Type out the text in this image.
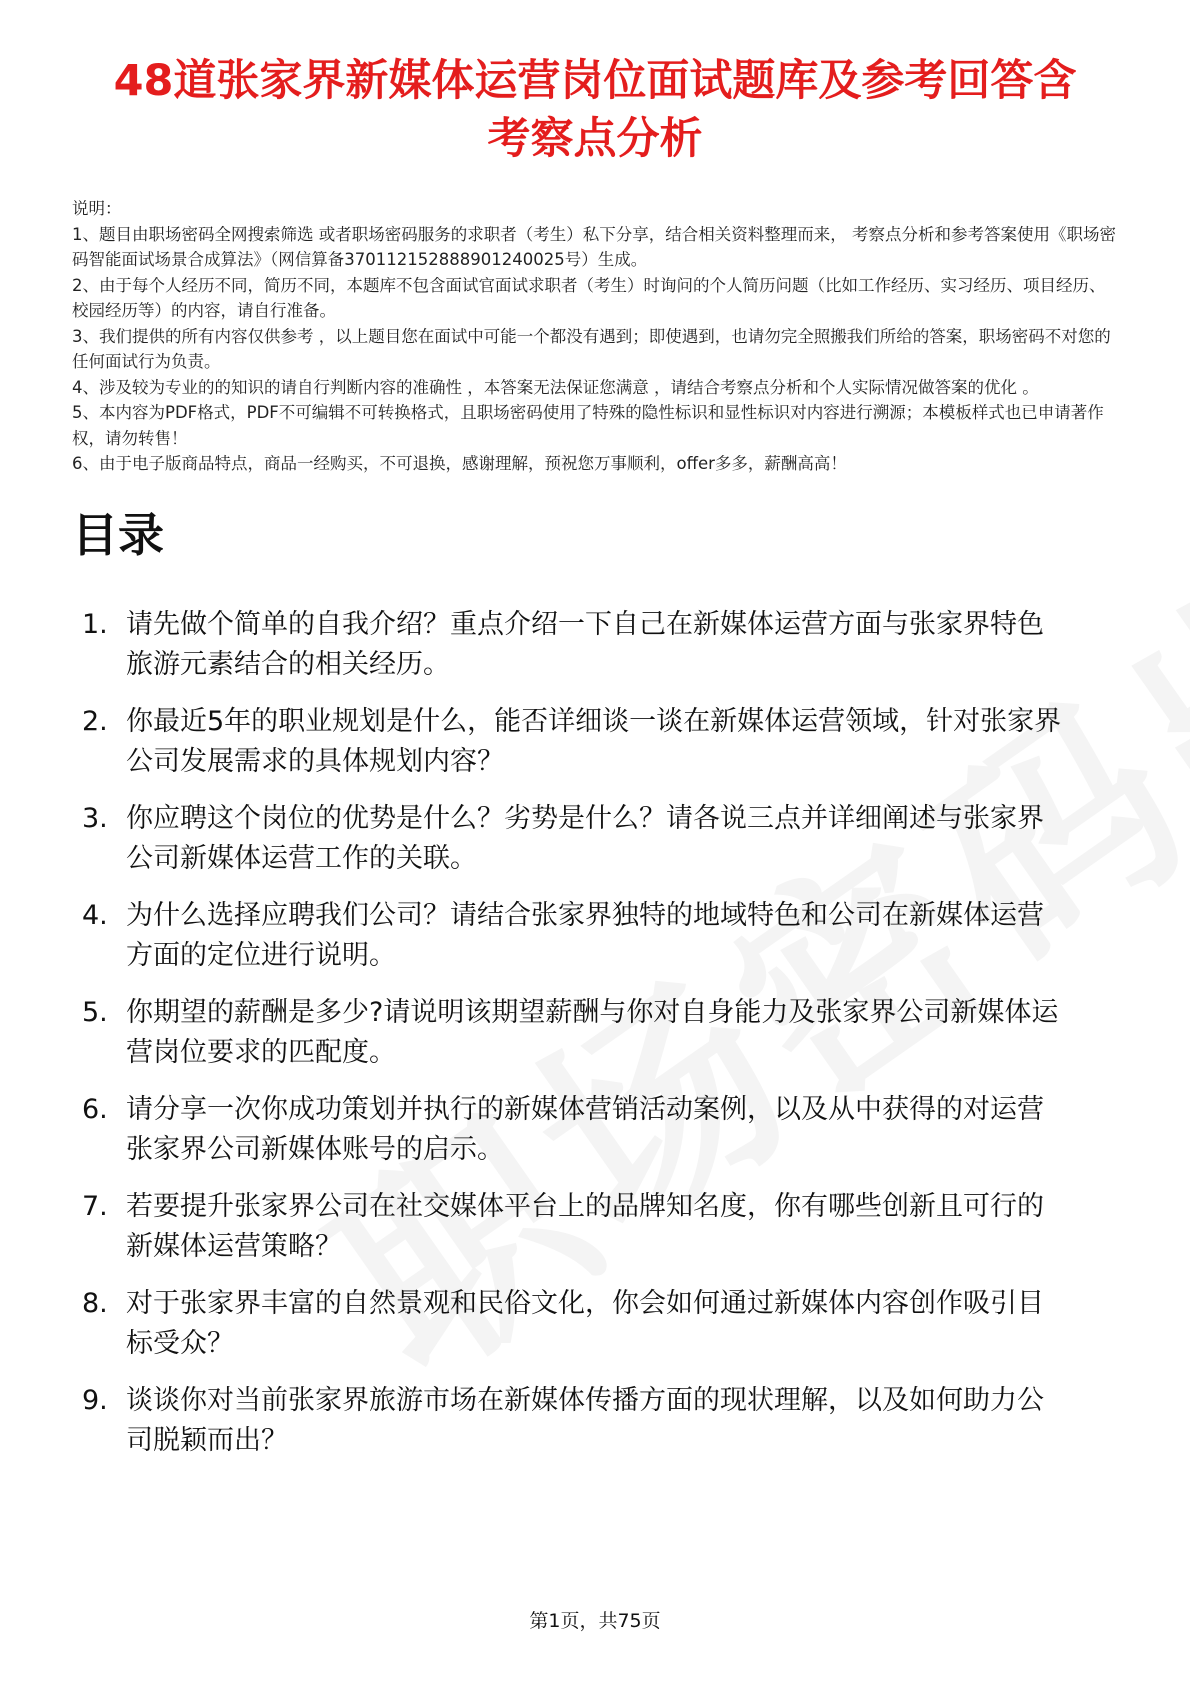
48道张家界新媒体运营岗位面试题库及参考回答含考察点分析
说明：
1、题目由职场密码全网搜索筛选 或者职场密码服务的求职者（考生）私下分享，结合相关资料整理而来， 考察点分析和参考答案使用《职场密码智能面试场景合成算法》（网信算备370112152888901240025号）生成。
2、由于每个人经历不同，简历不同，本题库不包含面试官面试求职者（考生）时询问的个人简历问题（比如工作经历、实习经历、项目经历、校园经历等）的内容，请自行准备。
3、我们提供的所有内容仅供参考 ，以上题目您在面试中可能一个都没有遇到；即使遇到，也请勿完全照搬我们所给的答案，职场密码不对您的任何面试行为负责。
4、涉及较为专业的的知识的请自行判断内容的准确性 ，本答案无法保证您满意 ，请结合考察点分析和个人实际情况做答案的优化 。
5、本内容为PDF格式，PDF不可编辑不可转换格式，且职场密码使用了特殊的隐性标识和显性标识对内容进行溯源；本模板样式也已申请著作权，请勿转售！
6、由于电子版商品特点，商品一经购买，不可退换，感谢理解，预祝您万事顺利，offer多多，薪酬高高！
目录
1. 请先做个简单的自我介绍？重点介绍一下自己在新媒体运营方面与张家界特色旅游元素结合的相关经历。
2. 你最近5年的职业规划是什么，能否详细谈一谈在新媒体运营领域，针对张家界公司发展需求的具体规划内容？
3. 你应聘这个岗位的优势是什么？劣势是什么？请各说三点并详细阐述与张家界公司新媒体运营工作的关联。
4. 为什么选择应聘我们公司？请结合张家界独特的地域特色和公司在新媒体运营方面的定位进行说明。
5. 你期望的薪酬是多少?请说明该期望薪酬与你对自身能力及张家界公司新媒体运营岗位要求的匹配度。
6. 请分享一次你成功策划并执行的新媒体营销活动案例，以及从中获得的对运营张家界公司新媒体账号的启示。
7. 若要提升张家界公司在社交媒体平台上的品牌知名度，你有哪些创新且可行的新媒体运营策略？
8. 对于张家界丰富的自然景观和民俗文化，你会如何通过新媒体内容创作吸引目标受众？
9. 谈谈你对当前张家界旅游市场在新媒体传播方面的现状理解，以及如何助力公司脱颖而出？
第1页，共75页
